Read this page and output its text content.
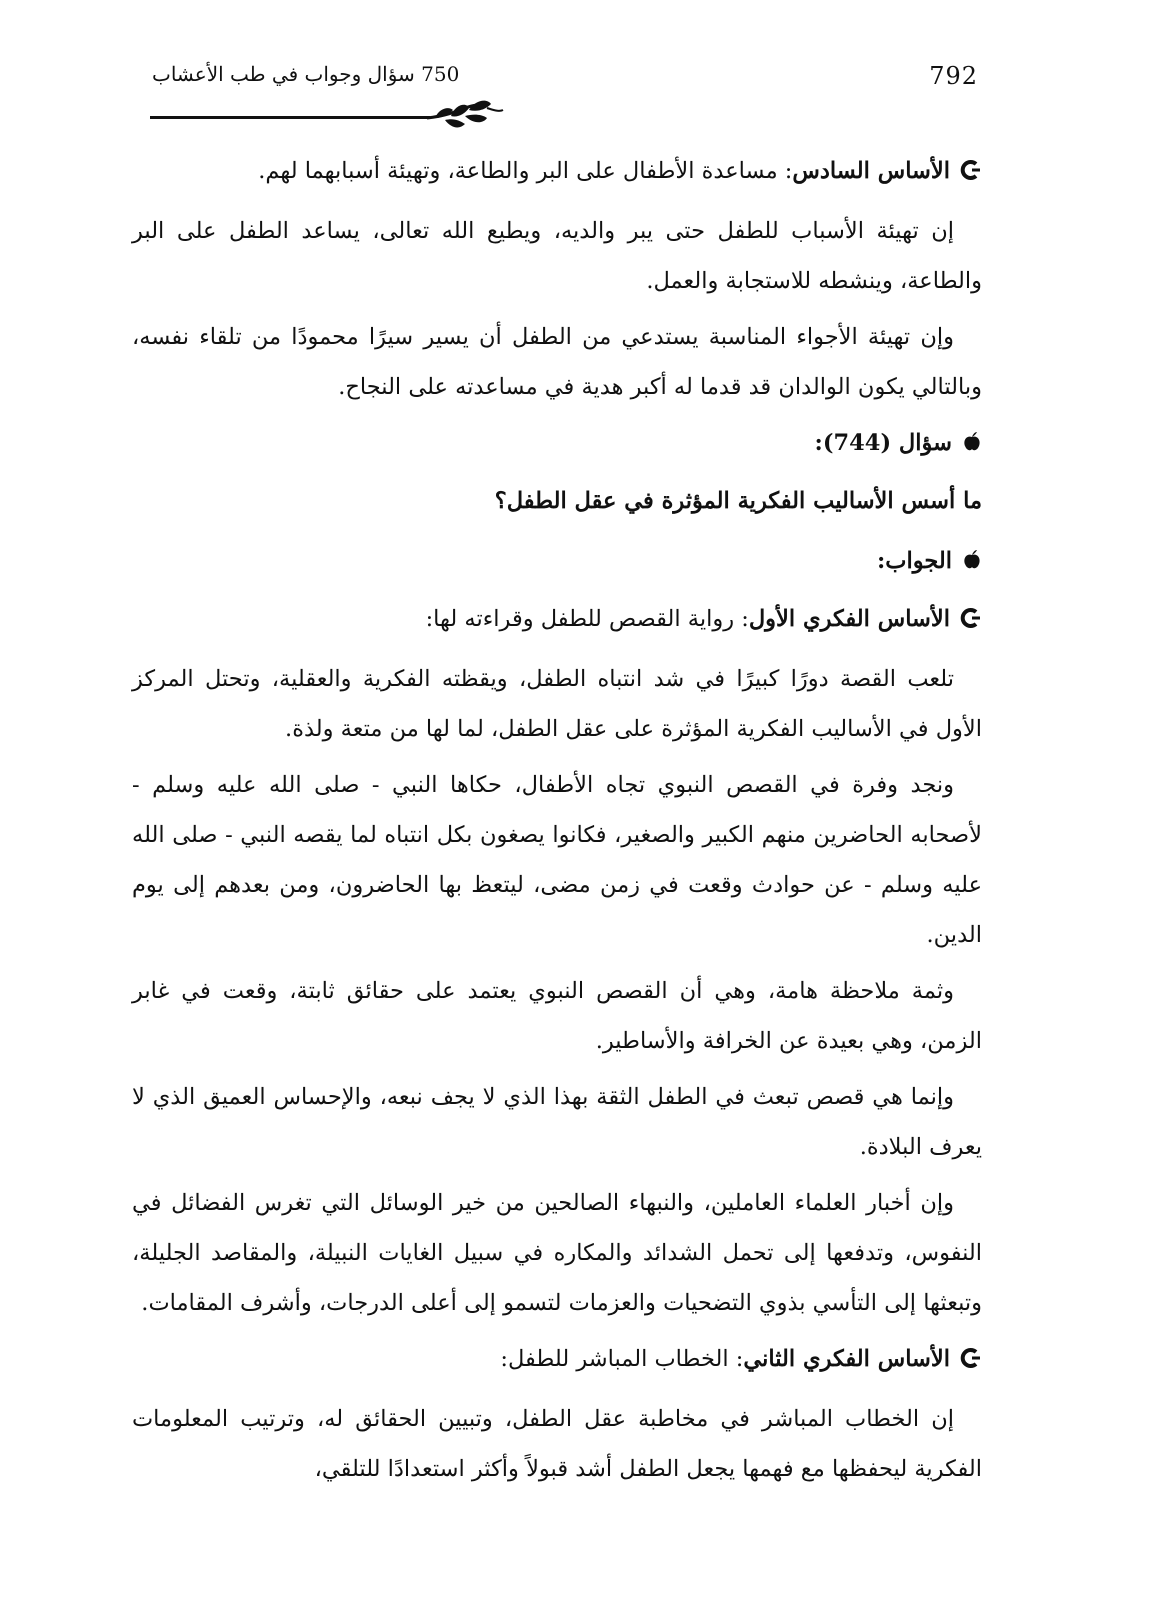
750 سؤال وجواب في طب الأعشاب	792
الأساس السادس: مساعدة الأطفال على البر والطاعة، وتهيئة أسبابهما لهم.

إن تهيئة الأسباب للطفل حتى يبر والديه، ويطيع الله تعالى، يساعد الطفل على البر والطاعة، وينشطه للاستجابة والعمل.

وإن تهيئة الأجواء المناسبة يستدعي من الطفل أن يسير سيرًا محمودًا من تلقاء نفسه، وبالتالي يكون الوالدان قد قدما له أكبر هدية في مساعدته على النجاح.

سؤال (744):
ما أسس الأساليب الفكرية المؤثرة في عقل الطفل؟
الجواب:
الأساس الفكري الأول: رواية القصص للطفل وقراءته لها:

تلعب القصة دورًا كبيرًا في شد انتباه الطفل، ويقظته الفكرية والعقلية، وتحتل المركز الأول في الأساليب الفكرية المؤثرة على عقل الطفل، لما لها من متعة ولذة.

ونجد وفرة في القصص النبوي تجاه الأطفال، حكاها النبي - صلى الله عليه وسلم - لأصحابه الحاضرين منهم الكبير والصغير، فكانوا يصغون بكل انتباه لما يقصه النبي - صلى الله عليه وسلم - عن حوادث وقعت في زمن مضى، ليتعظ بها الحاضرون، ومن بعدهم إلى يوم الدين.

وثمة ملاحظة هامة، وهي أن القصص النبوي يعتمد على حقائق ثابتة، وقعت في غابر الزمن، وهي بعيدة عن الخرافة والأساطير.

وإنما هي قصص تبعث في الطفل الثقة بهذا الذي لا يجف نبعه، والإحساس العميق الذي لا يعرف البلادة.

وإن أخبار العلماء العاملين، والنبهاء الصالحين من خير الوسائل التي تغرس الفضائل في النفوس، وتدفعها إلى تحمل الشدائد والمكاره في سبيل الغايات النبيلة، والمقاصد الجليلة، وتبعثها إلى التأسي بذوي التضحيات والعزمات لتسمو إلى أعلى الدرجات، وأشرف المقامات.

الأساس الفكري الثاني: الخطاب المباشر للطفل:

إن الخطاب المباشر في مخاطبة عقل الطفل، وتبيين الحقائق له، وترتيب المعلومات الفكرية ليحفظها مع فهمها يجعل الطفل أشد قبولاً وأكثر استعدادًا للتلقي،
